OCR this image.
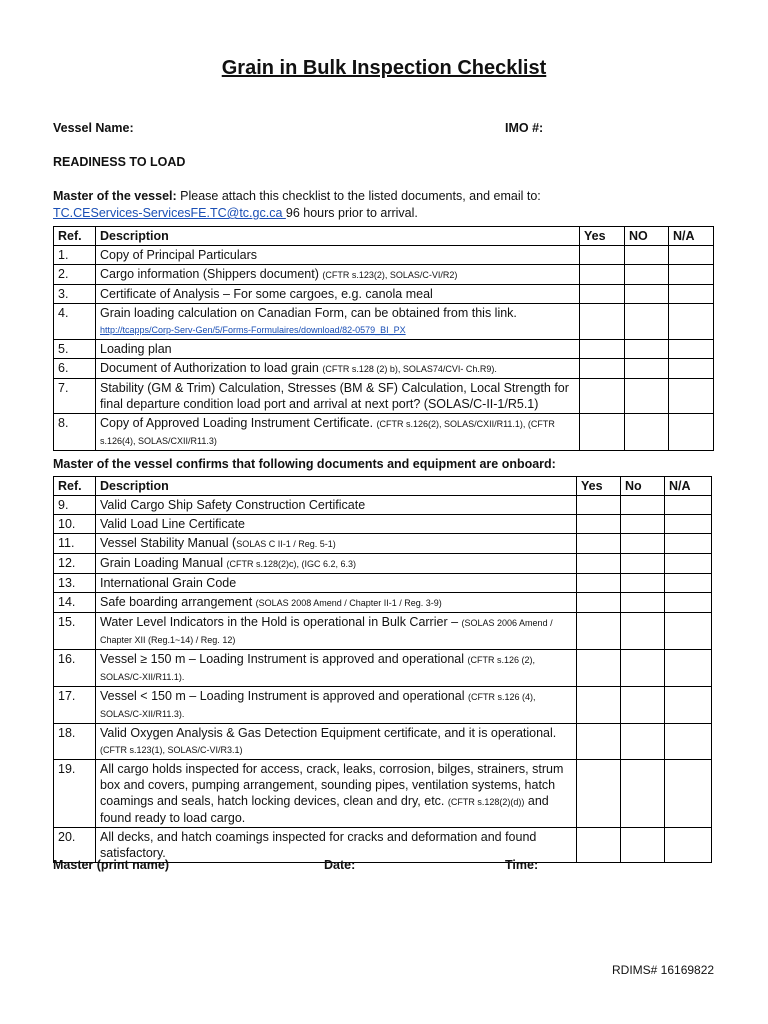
Grain in Bulk Inspection Checklist
Vessel Name:	IMO #:
READINESS TO LOAD
Master of the vessel: Please attach this checklist to the listed documents, and email to:
TC.CEServices-ServicesFE.TC@tc.gc.ca 96 hours prior to arrival.
Ref.	Description	Yes	NO	N/A
1.	Copy of Principal Particulars			
2.	Cargo information (Shippers document) (CFTR s.123(2), SOLAS/C-VI/R2)			
3.	Certificate of Analysis – For some cargoes, e.g. canola meal			
4.	Grain loading calculation on Canadian Form, can be obtained from this link.
http://tcapps/Corp-Serv-Gen/5/Forms-Formulaires/download/82-0579_BI_PX			
5.	Loading plan			
6.	Document of Authorization to load grain (CFTR s.128 (2) b), SOLAS74/CVI- Ch.R9).			
7.	Stability (GM & Trim) Calculation, Stresses (BM & SF) Calculation, Local Strength for final departure condition load port and arrival at next port? (SOLAS/C-II-1/R5.1)			
8.	Copy of Approved Loading Instrument Certificate. (CFTR s.126(2), SOLAS/CXII/R11.1), (CFTR s.126(4), SOLAS/CXII/R11.3)			
Master of the vessel confirms that following documents and equipment are onboard:
Ref.	Description	Yes	No	N/A
9.	Valid Cargo Ship Safety Construction Certificate			
10.	Valid Load Line Certificate			
11.	Vessel Stability Manual (SOLAS C II-1 / Reg. 5-1)			
12.	Grain Loading Manual (CFTR s.128(2)c), (IGC 6.2, 6.3)			
13.	International Grain Code			
14.	Safe boarding arrangement (SOLAS 2008 Amend / Chapter II-1 / Reg. 3-9)			
15.	Water Level Indicators in the Hold is operational in Bulk Carrier – (SOLAS 2006 Amend / Chapter XII (Reg.1~14) / Reg. 12)			
16.	Vessel ≥ 150 m – Loading Instrument is approved and operational (CFTR s.126 (2), SOLAS/C-XII/R11.1).			
17.	Vessel < 150 m – Loading Instrument is approved and operational (CFTR s.126 (4), SOLAS/C-XII/R11.3).			
18.	Valid Oxygen Analysis & Gas Detection Equipment certificate, and it is operational. (CFTR s.123(1), SOLAS/C-VI/R3.1)			
19.	All cargo holds inspected for access, crack, leaks, corrosion, bilges, strainers, strum box and covers, pumping arrangement, sounding pipes, ventilation systems, hatch coamings and seals, hatch locking devices, clean and dry, etc. (CFTR s.128(2)(d)) and found ready to load cargo.			
20.	All decks, and hatch coamings inspected for cracks and deformation and found satisfactory.			
Master (print name)	Date:	Time:
RDIMS# 16169822
